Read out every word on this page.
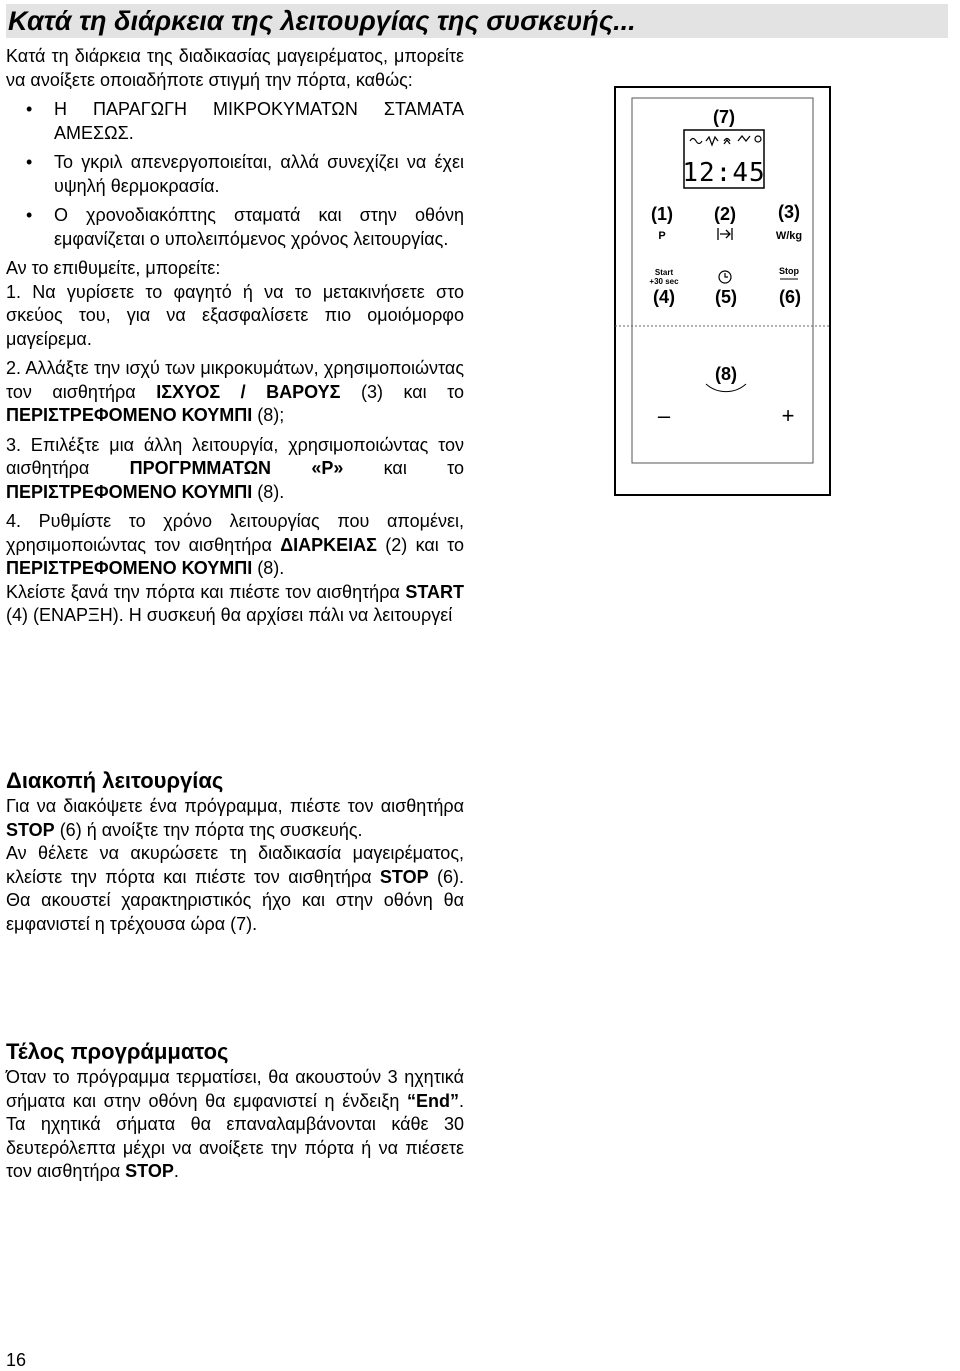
Κατά τη διάρκεια της λειτουργίας της συσκευής...

Κατά τη διάρκεια της διαδικασίας μαγειρέματος, μπορείτε να ανοίξετε οποιαδήποτε στιγμή την πόρτα, καθώς:

• Η ΠΑΡΑΓΩΓΗ ΜΙΚΡΟΚΥΜΑΤΩΝ ΣΤΑΜΑΤΑ ΑΜΕΣΩΣ.

• Το γκριλ απενεργοποιείται, αλλά συνεχίζει να έχει υψηλή θερμοκρασία.

• Ο χρονοδιακόπτης σταματά και στην οθόνη εμφανίζεται ο υπολειπόμενος χρόνος λειτουργίας.

Αν το επιθυμείτε, μπορείτε:

1. Να γυρίσετε το φαγητό ή να το μετακινήσετε στο σκεύος του, για να εξασφαλίσετε πιο ομοιόμορφο μαγείρεμα.

2. Αλλάξτε την ισχύ των μικροκυμάτων, χρησιμοποιώντας τον αισθητήρα ΙΣΧΥΟΣ / ΒΑΡΟΥΣ (3) και το ΠΕΡΙΣΤΡΕΦΟΜΕΝΟ ΚΟΥΜΠΙ (8);

3. Επιλέξτε μια άλλη λειτουργία, χρησιμοποιώντας τον αισθητήρα ΠΡΟΓΡΜΜΑΤΩΝ «P» και το ΠΕΡΙΣΤΡΕΦΟΜΕΝΟ ΚΟΥΜΠΙ (8).

4. Ρυθμίστε το χρόνο λειτουργίας που απομένει, χρησιμοποιώντας τον αισθητήρα ΔΙΑΡΚΕΙΑΣ (2) και το ΠΕΡΙΣΤΡΕΦΟΜΕΝΟ ΚΟΥΜΠΙ (8).

Κλείστε ξανά την πόρτα και πιέστε τον αισθητήρα START (4) (ΕΝΑΡΞΗ). Η συσκευή θα αρχίσει πάλι να λειτουργεί

Διακοπή λειτουργίας

Για να διακόψετε ένα πρόγραμμα, πιέστε τον αισθητήρα STOP (6) ή ανοίξτε την πόρτα της συσκευής.

Αν θέλετε να ακυρώσετε τη διαδικασία μαγειρέματος, κλείστε την πόρτα και πιέστε τον αισθητήρα STOP (6). Θα ακουστεί χαρακτηριστικός ήχο και στην οθόνη θα εμφανιστεί η τρέχουσα ώρα (7).

Τέλος προγράμματος

Όταν το πρόγραμμα τερματίσει, θα ακουστούν 3 ηχητικά σήματα και στην οθόνη θα εμφανιστεί η ένδειξη “End”. Τα ηχητικά σήματα θα επαναλαμβάνονται κάθε 30 δευτερόλεπτα μέχρι να ανοίξετε την πόρτα ή να πιέσετε τον αισθητήρα STOP.

(7)
12:45
(1)
P
(2) (3)
W/kg
Start
+30 sec
(4) (5)
Stop
(6)
(8)
–	+
16
